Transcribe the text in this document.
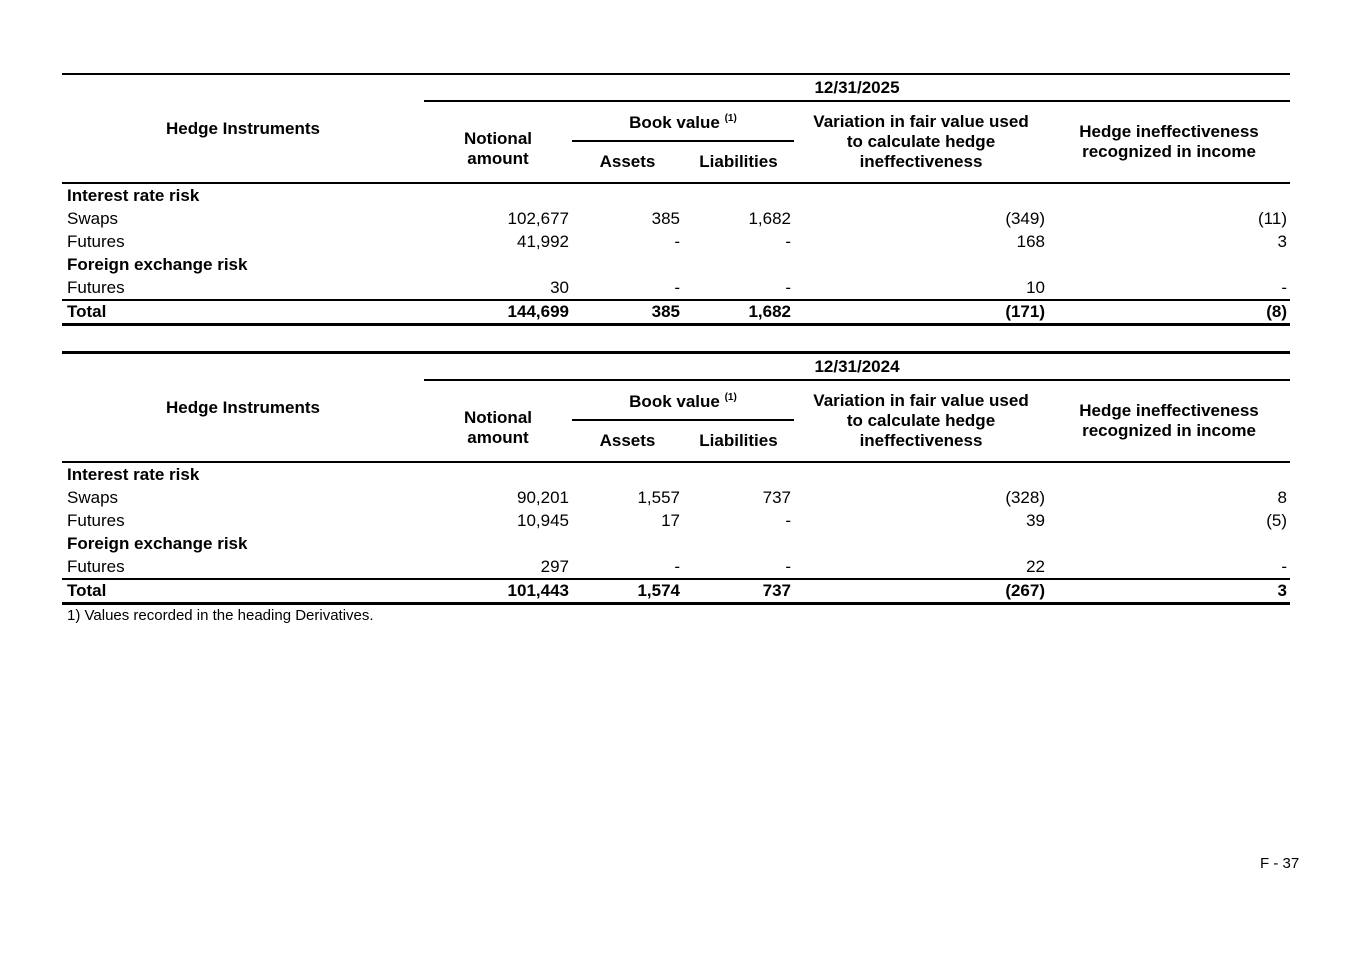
Hedge Instruments	12/31/2025				
	Notional
amount	Book value $^{(1)}$		Variation in fair value used
to calculate hedge
ineffectiveness	Hedge ineffectiveness
recognized in income
		Assets	Liabilities		

Interest rate risk					
Swaps	102,677	385	1,682	(349)	(11)
Futures	41,992	-	-	168	3
Foreign exchange risk					
Futures	30	-	-	10	-
Total	144,699	385	1,682	(171)	(8)
Hedge Instruments	12/31/2024				
	Notional
amount	Book value $^{(1)}$		Variation in fair value used
to calculate hedge
ineffectiveness	Hedge ineffectiveness
recognized in income
		Assets	Liabilities		

Interest rate risk					
Swaps	90,201	1,557	737	(328)	8
Futures	10,945	17	-	39	(5)
Foreign exchange risk					
Futures	297	-	-	22	-
Total	101,443	1,574	737	(267)	3
1) Values recorded in the heading Derivatives.
F - 37
